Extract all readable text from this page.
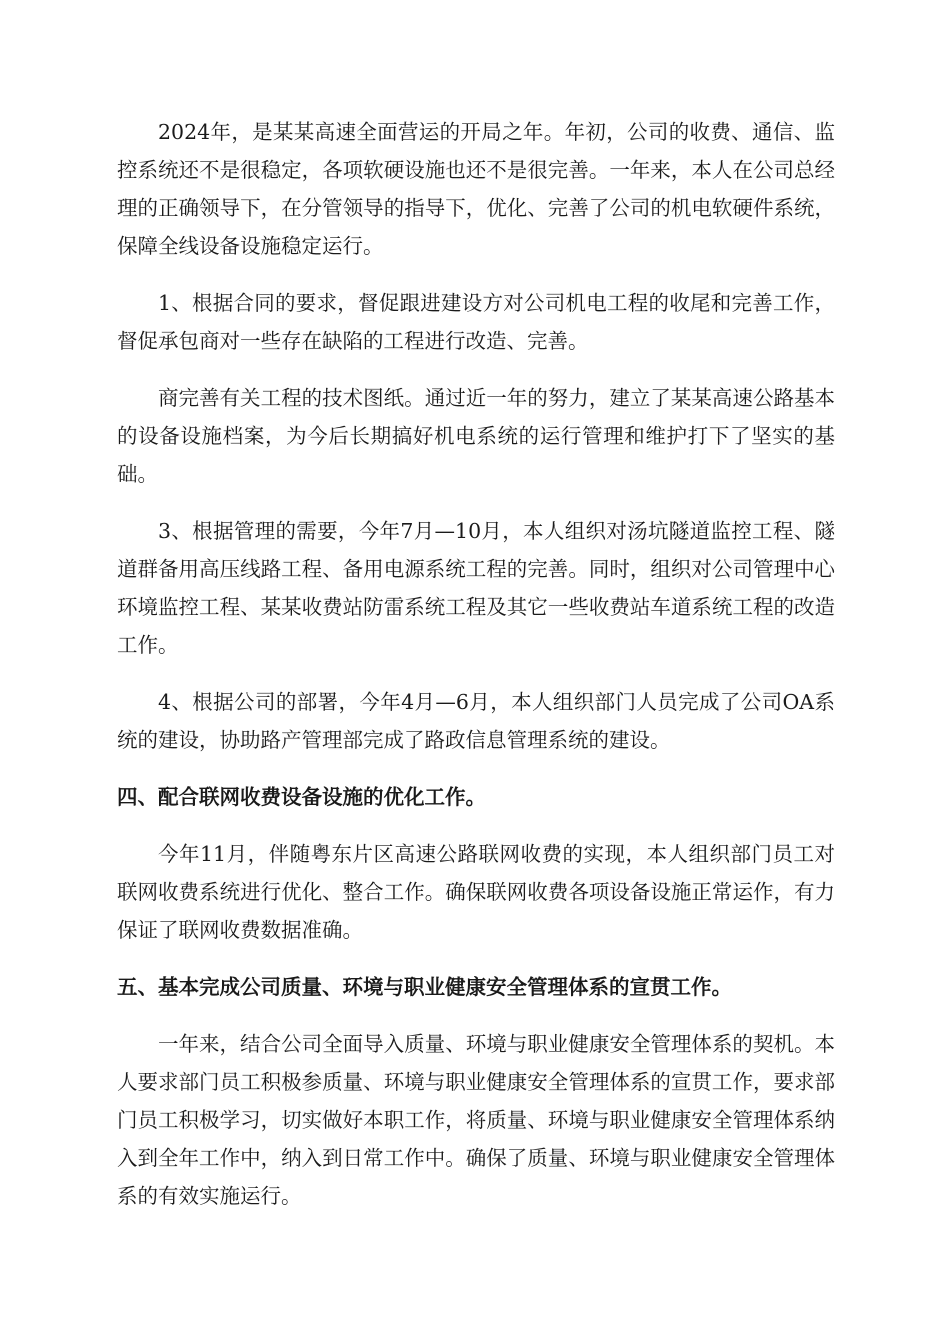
2024年，是某某高速全面营运的开局之年。年初，公司的收费、通信、监控系统还不是很稳定，各项软硬设施也还不是很完善。一年来，本人在公司总经理的正确领导下，在分管领导的指导下，优化、完善了公司的机电软硬件系统，保障全线设备设施稳定运行。

1、根据合同的要求，督促跟进建设方对公司机电工程的收尾和完善工作，督促承包商对一些存在缺陷的工程进行改造、完善。

商完善有关工程的技术图纸。通过近一年的努力，建立了某某高速公路基本的设备设施档案，为今后长期搞好机电系统的运行管理和维护打下了坚实的基础。

3、根据管理的需要，今年7月—10月，本人组织对汤坑隧道监控工程、隧道群备用高压线路工程、备用电源系统工程的完善。同时，组织对公司管理中心环境监控工程、某某收费站防雷系统工程及其它一些收费站车道系统工程的改造工作。

4、根据公司的部署，今年4月—6月，本人组织部门人员完成了公司OA系统的建设，协助路产管理部完成了路政信息管理系统的建设。

四、配合联网收费设备设施的优化工作。

今年11月，伴随粤东片区高速公路联网收费的实现，本人组织部门员工对联网收费系统进行优化、整合工作。确保联网收费各项设备设施正常运作，有力保证了联网收费数据准确。

五、基本完成公司质量、环境与职业健康安全管理体系的宣贯工作。

一年来，结合公司全面导入质量、环境与职业健康安全管理体系的契机。本人要求部门员工积极参质量、环境与职业健康安全管理体系的宣贯工作，要求部门员工积极学习，切实做好本职工作，将质量、环境与职业健康安全管理体系纳入到全年工作中，纳入到日常工作中。确保了质量、环境与职业健康安全管理体系的有效实施运行。
